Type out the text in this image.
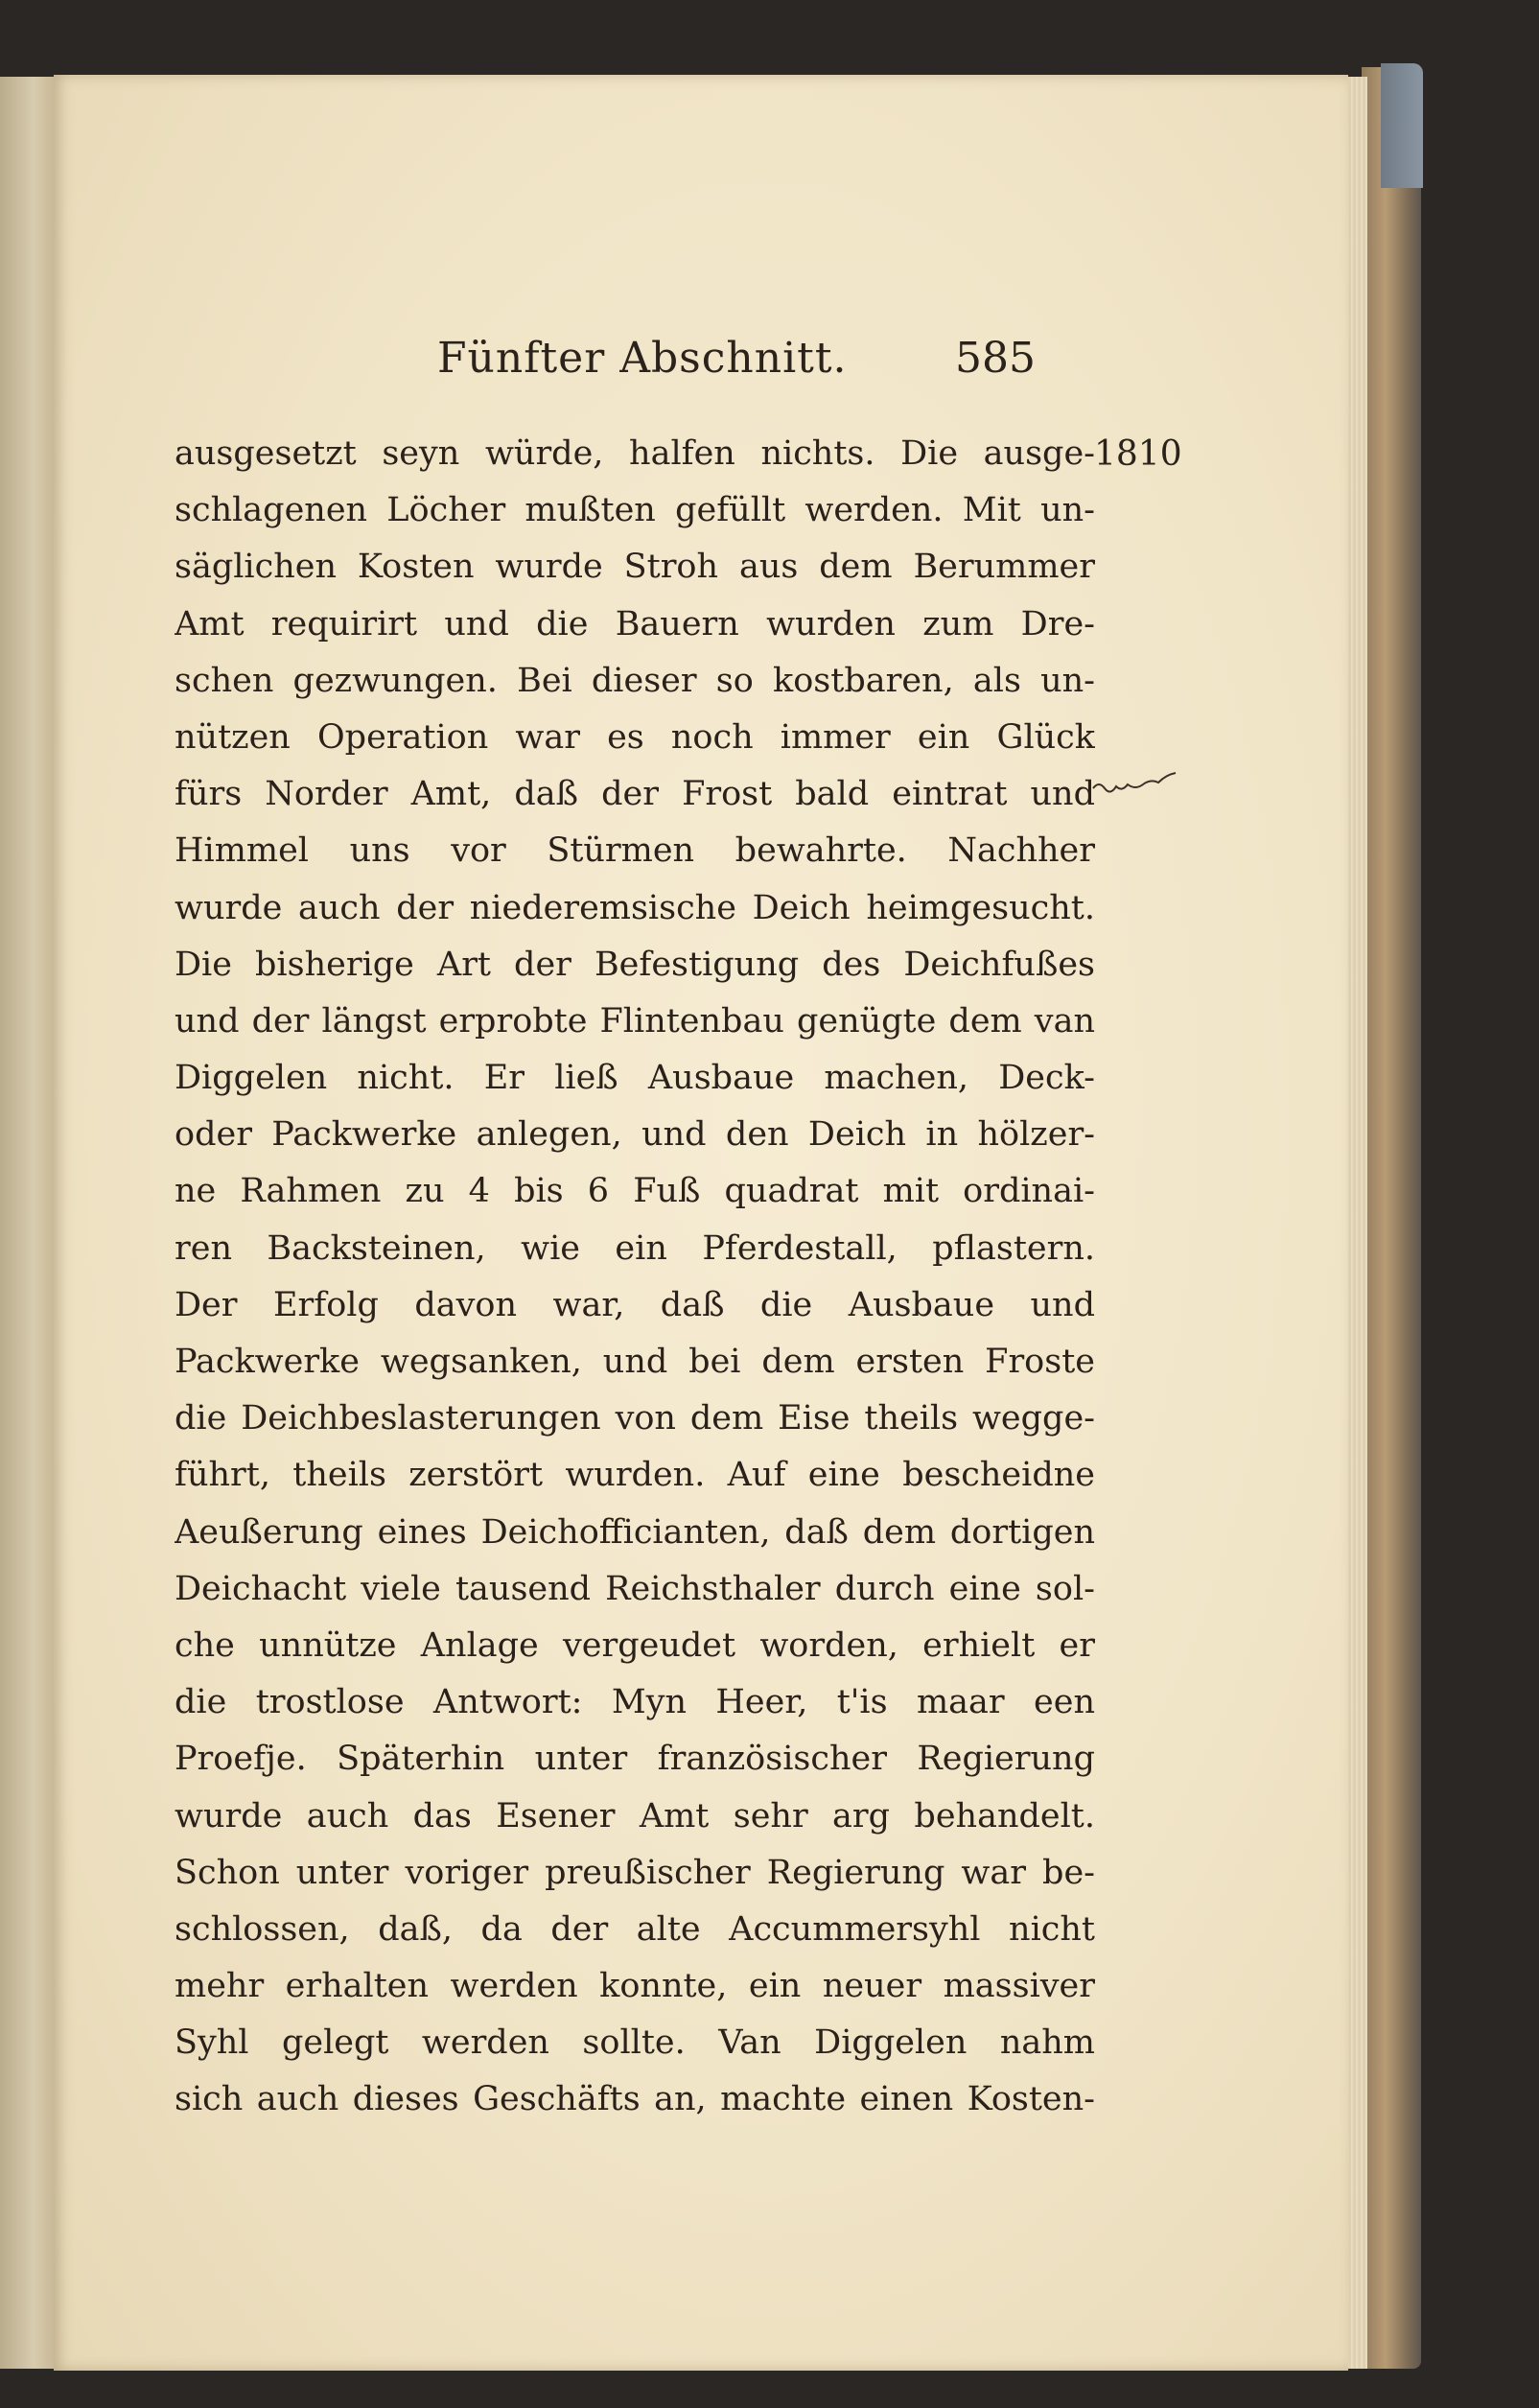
Fünfter Abschnitt.	585
ausgesetzt seyn würde, halfen nichts. Die ausge-
schlagenen Löcher mußten gefüllt werden. Mit un-
säglichen Kosten wurde Stroh aus dem Berummer
Amt requirirt und die Bauern wurden zum Dre-
schen gezwungen. Bei dieser so kostbaren, als un-
nützen Operation war es noch immer ein Glück
fürs Norder Amt, daß der Frost bald eintrat und
Himmel uns vor Stürmen bewahrte. Nachher
wurde auch der niederemsische Deich heimgesucht.
Die bisherige Art der Befestigung des Deichfußes
und der längst erprobte Flintenbau genügte dem van
Diggelen nicht. Er ließ Ausbaue machen, Deck-
oder Packwerke anlegen, und den Deich in hölzer-
ne Rahmen zu 4 bis 6 Fuß quadrat mit ordinai-
ren Backsteinen, wie ein Pferdestall, pflastern.
Der Erfolg davon war, daß die Ausbaue und
Packwerke wegsanken, und bei dem ersten Froste
die Deichbeslasterungen von dem Eise theils wegge-
führt, theils zerstört wurden. Auf eine bescheidne
Aeußerung eines Deichofficianten, daß dem dortigen
Deichacht viele tausend Reichsthaler durch eine sol-
che unnütze Anlage vergeudet worden, erhielt er
die trostlose Antwort: Myn Heer, t'is maar een
Proefje. Späterhin unter französischer Regierung
wurde auch das Esener Amt sehr arg behandelt.
Schon unter voriger preußischer Regierung war be-
schlossen, daß, da der alte Accummersyhl nicht
mehr erhalten werden konnte, ein neuer massiver
Syhl gelegt werden sollte. Van Diggelen nahm
sich auch dieses Geschäfts an, machte einen Kosten-
1810
